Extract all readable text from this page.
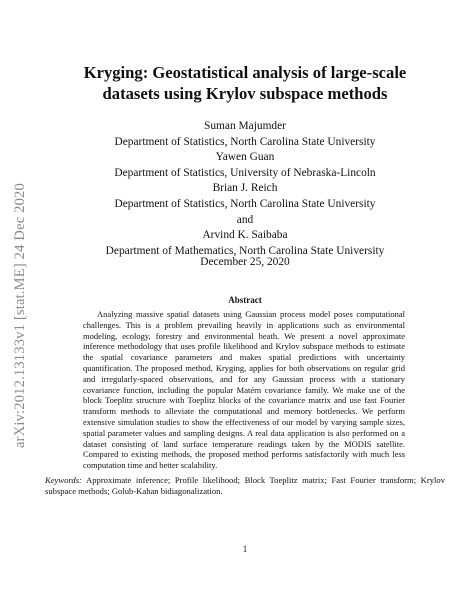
arXiv:2012.13133v1 [stat.ME] 24 Dec 2020
Kryging: Geostatistical analysis of large-scale
datasets using Krylov subspace methods
Suman Majumder
Department of Statistics, North Carolina State University
Yawen Guan
Department of Statistics, University of Nebraska-Lincoln
Brian J. Reich
Department of Statistics, North Carolina State University
and
Arvind K. Saibaba
Department of Mathematics, North Carolina State University
December 25, 2020
Abstract
Analyzing massive spatial datasets using Gaussian process model poses computational challenges. This is a problem prevailing heavily in applications such as environmental modeling, ecology, forestry and environmental heath. We present a novel approximate inference methodology that uses profile likelihood and Krylov subspace methods to estimate the spatial covariance parameters and makes spatial predictions with uncertainty quantification. The proposed method, Kryging, applies for both observations on regular grid and irregularly-spaced observations, and for any Gaussian process with a stationary covariance function, including the popular Matérn covariance family. We make use of the block Toeplitz structure with Toeplitz blocks of the covariance matrix and use fast Fourier transform methods to alleviate the computational and memory bottlenecks. We perform extensive simulation studies to show the effectiveness of our model by varying sample sizes, spatial parameter values and sampling designs. A real data application is also performed on a dataset consisting of land surface temperature readings taken by the MODIS satellite. Compared to existing methods, the proposed method performs satisfactorily with much less computation time and better scalability.
Keywords: Approximate inference; Profile likelihood; Block Toeplitz matrix; Fast Fourier transform; Krylov subspace methods; Golub-Kahan bidiagonalization.
1
